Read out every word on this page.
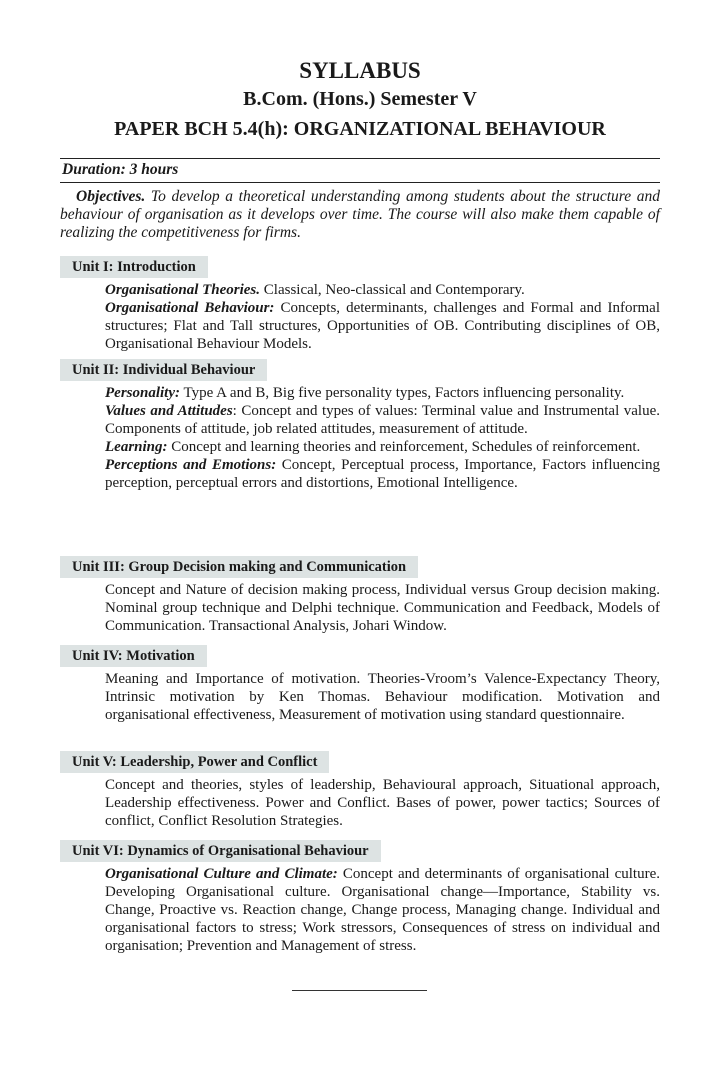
SYLLABUS
B.Com. (Hons.) Semester V
PAPER BCH 5.4(h): ORGANIZATIONAL BEHAVIOUR
Duration: 3 hours
Objectives. To develop a theoretical understanding among students about the structure and behaviour of organisation as it develops over time. The course will also make them capable of realizing the competitiveness for firms.
Unit I: Introduction

Organisational Theories. Classical, Neo-classical and Contemporary.

Organisational Behaviour: Concepts, determinants, challenges and Formal and Informal structures; Flat and Tall structures, Opportunities of OB. Contributing disciplines of OB, Organisational Behaviour Models.

Unit II: Individual Behaviour

Personality: Type A and B, Big five personality types, Factors influencing personality.

Values and Attitudes: Concept and types of values: Terminal value and Instrumental value. Components of attitude, job related attitudes, measurement of attitude.

Learning: Concept and learning theories and reinforcement, Schedules of reinforcement.

Perceptions and Emotions: Concept, Perceptual process, Importance, Factors influencing perception, perceptual errors and distortions, Emotional Intelligence.

Unit III: Group Decision making and Communication

Concept and Nature of decision making process, Individual versus Group decision making. Nominal group technique and Delphi technique. Communication and Feedback, Models of Communication. Transactional Analysis, Johari Window.

Unit IV: Motivation

Meaning and Importance of motivation. Theories-Vroom’s Valence-Expectancy Theory, Intrinsic motivation by Ken Thomas. Behaviour modification. Motivation and organisational effectiveness, Measurement of motivation using standard questionnaire.

Unit V: Leadership, Power and Conflict

Concept and theories, styles of leadership, Behavioural approach, Situational approach, Leadership effectiveness. Power and Conflict. Bases of power, power tactics; Sources of conflict, Conflict Resolution Strategies.

Unit VI: Dynamics of Organisational Behaviour

Organisational Culture and Climate: Concept and determinants of organisational culture. Developing Organisational culture. Organisational change—Importance, Stability vs. Change, Proactive vs. Reaction change, Change process, Managing change. Individual and organisational factors to stress; Work stressors, Consequences of stress on individual and organisation; Prevention and Management of stress.
